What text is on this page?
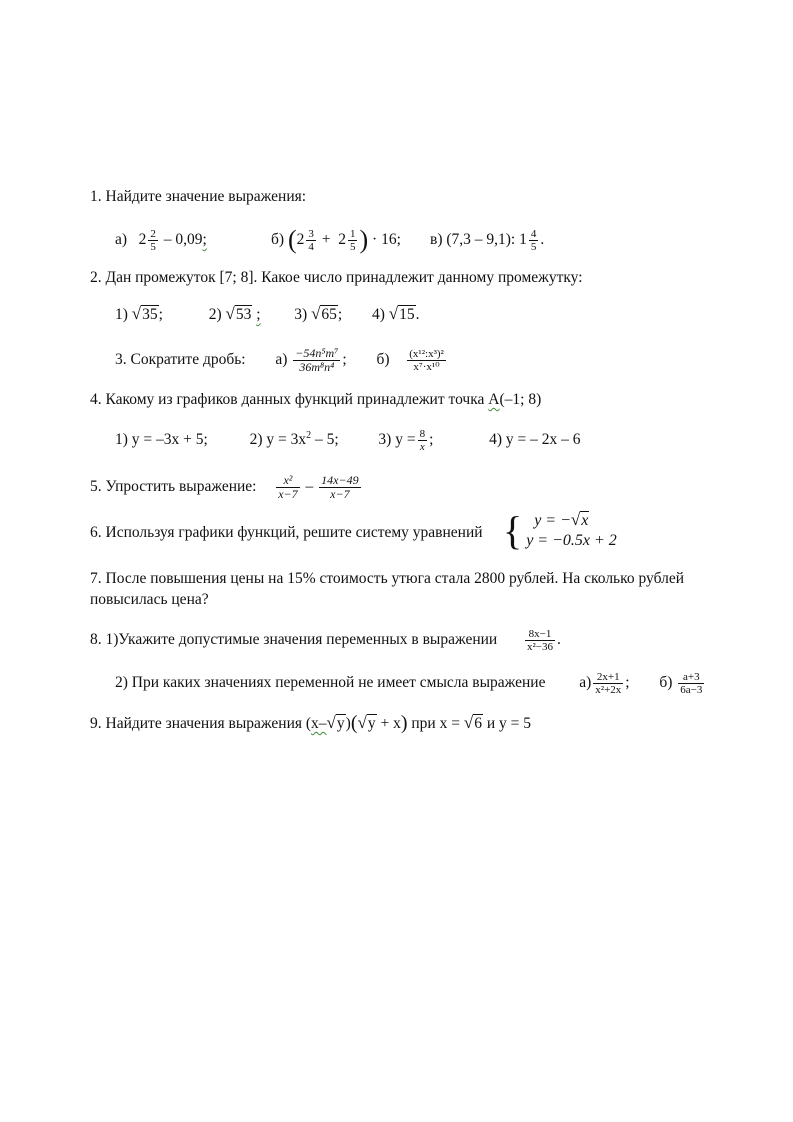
1. Найдите значение выражения:
а) $2 \frac{2}{5} - 0,09$;	б) ($2 \frac{3}{4} + 2 \frac{1}{5}$ ) · 16; в) (7,3 – 9,1): $1 \frac{4}{5}$ .
2. Дан промежуток [7; 8]. Какое число принадлежит данному промежутку:
1) √35;	2) √53 ; 3) √65; 4) √15.
3. Сократите дробь: $а) \frac{\text{−54n⁵m⁷}}{\text{36m⁸n⁴}}$ ; $б) \frac{\text{(x¹²:x³)²}}{\text{x⁷·x¹⁰}}$
4. Какому из графиков данных функций принадлежит точка А(–1; 8)
1) y = –3x + 5;	2) $y = 3x^2 - 5$;	3) $y = \frac{8}{x}$ ;	4) y = – 2x – 6
5. Упростить выражение: $\frac{\text{x²}}{x-7} - \frac{14x-49}{x-7}$
6. Используя графики функций, решите систему уравнений { y = −√x
y = −0.5x + 2
7. После повышения цены на 15% стоимость утюга стала 2800 рублей. На сколько рублей
повысилась цена?
8. 1)Укажите допустимые значения переменных в выражении	$\frac{8x-1}{\text{x²−36}}$ .
2) При каких значениях переменной не имеет смысла выражение $а) \frac{2x+1}{\text{x²+2x}}$ ; $б) \frac{a+3}{6a-3}$
9. Найдите значения выражения (x–√y)(√y + x) при x = √6 и y = 5
